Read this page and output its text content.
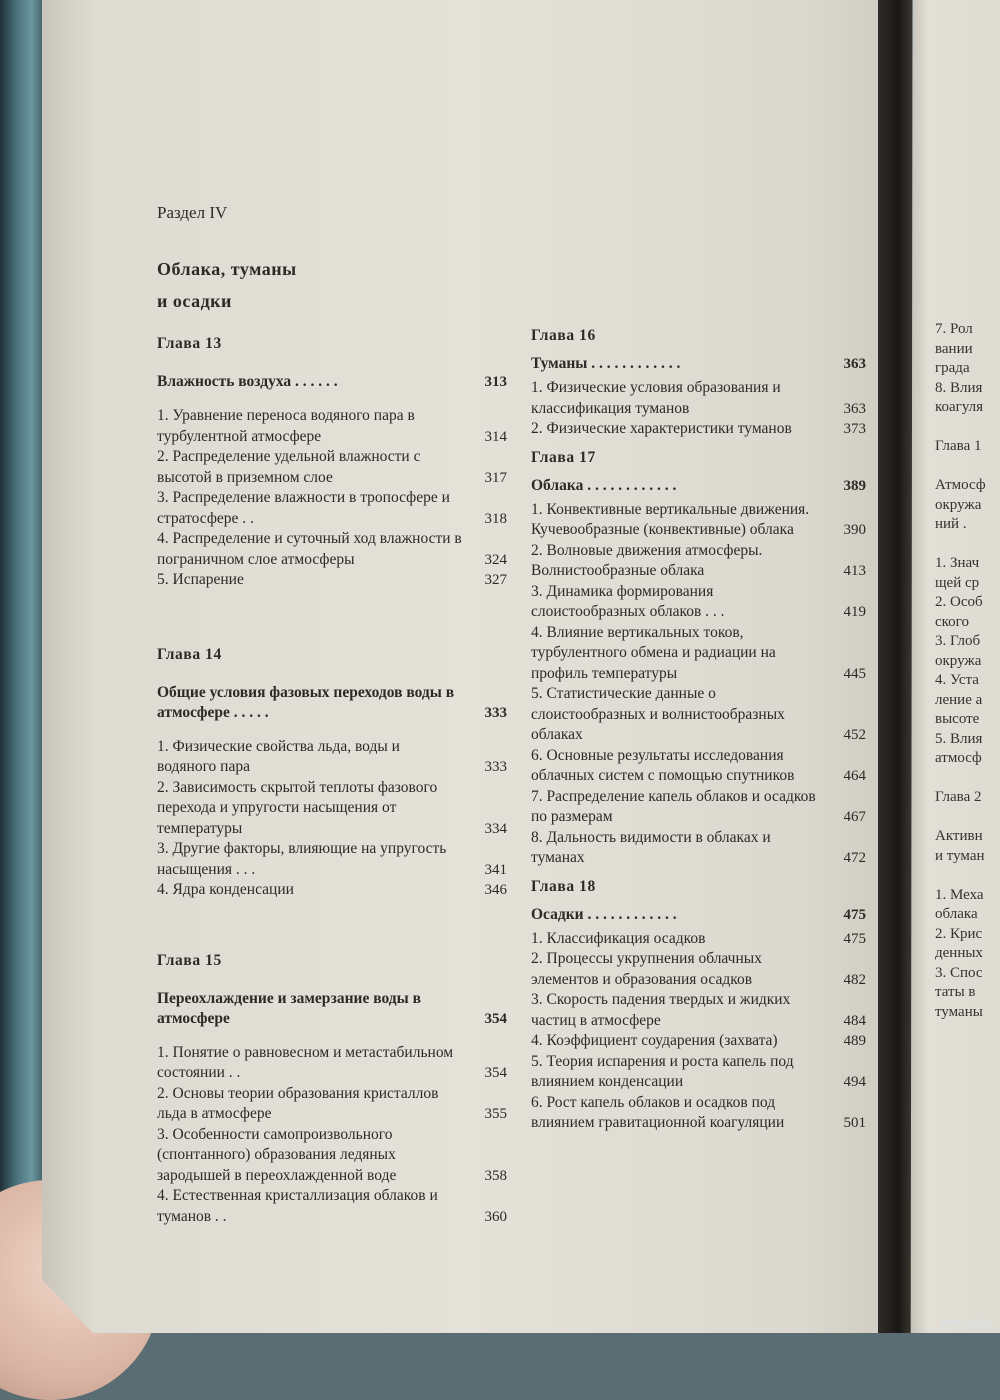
Раздел IV
Облака, туманы
и осадки
Глава 13
Влажность воздуха . . . . . .	313
1. Уравнение переноса водяного пара в турбулентной атмосфере	314
2. Распределение удельной влажности с высотой в приземном слое	317
3. Распределение влажности в тропосфере и стратосфере . .	318
4. Распределение и суточный ход влажности в пограничном слое атмосферы	324
5. Испарение	327
Глава 14
Общие условия фазовых переходов воды в атмосфере . . . . .	333
1. Физические свойства льда, воды и водяного пара	333
2. Зависимость скрытой теплоты фазового перехода и упругости насыщения от температуры	334
3. Другие факторы, влияющие на упругость насыщения . . .	341
4. Ядра конденсации	346
Глава 15
Переохлаждение и замерзание воды в атмосфере	354
1. Понятие о равновесном и метастабильном состоянии . .	354
2. Основы теории образования кристаллов льда в атмосфере	355
3. Особенности самопроизвольного (спонтанного) образования ледяных зародышей в переохлажденной воде	358
4. Естественная кристаллизация облаков и туманов . .	360
Глава 16
Туманы . . . . . . . . . . . .	363
1. Физические условия образования и классификация туманов	363
2. Физические характеристики туманов	373
Глава 17
Облака . . . . . . . . . . . .	389
1. Конвективные вертикальные движения. Кучевообразные (конвективные) облака	390
2. Волновые движения атмосферы. Волнистообразные облака	413
3. Динамика формирования слоистообразных облаков . . .	419
4. Влияние вертикальных токов, турбулентного обмена и радиации на профиль температуры	445
5. Статистические данные о слоистообразных и волнистообразных облаках	452
6. Основные результаты исследования облачных систем с помощью спутников	464
7. Распределение капель облаков и осадков по размерам	467
8. Дальность видимости в облаках и туманах	472
Глава 18
Осадки . . . . . . . . . . . .	475
1. Классификация осадков	475
2. Процессы укрупнения облачных элементов и образования осадков	482
3. Скорость падения твердых и жидких частиц в атмосфере	484
4. Коэффициент соударения (захвата)	489
5. Теория испарения и роста капель под влиянием конденсации	494
6. Рост капель облаков и осадков под влиянием гравитационной коагуляции	501
7. Рол
вании
града
8. Влия
коагуля

Глава 1

Атмосф
окружа
ний .

1. Знач
щей ср
2. Особ
ского
3. Глоб
окружа
4. Уста
ление а
высоте
5. Влия
атмосф

Глава 2

Активн
и туман

1. Меха
облака
2. Крис
денных
3. Спос
таты в
туманы
www.ay.by
